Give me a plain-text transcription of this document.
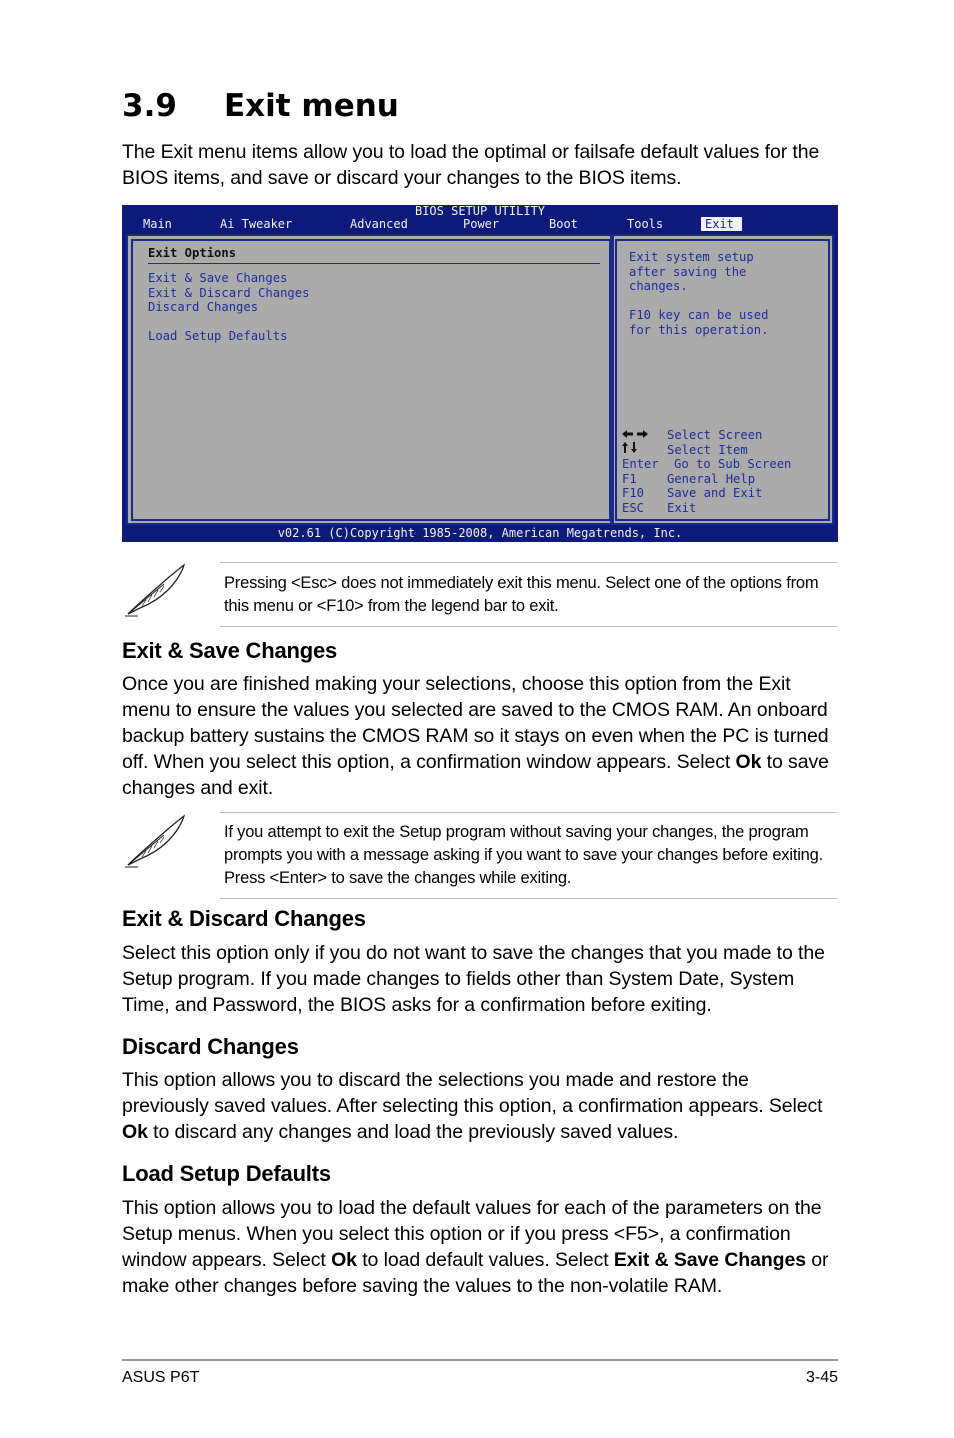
3.9 Exit menu

The Exit menu items allow you to load the optimal or failsafe default values for the BIOS items, and save or discard your changes to the BIOS items.

BIOS SETUP UTILITY
Main	Ai Tweaker	Advanced	Power	Boot	Tools	Exit
Exit Options
Exit & Save Changes
Exit & Discard Changes
Discard Changes
Load Setup Defaults
Exit system setup
after saving the
changes.
F10 key can be used
for this operation.
Select Screen
Select Item
Enter Go to Sub Screen
F1 General Help
F10 Save and Exit
ESC Exit
v02.61 (C)Copyright 1985-2008, American Megatrends, Inc.

Pressing <Esc> does not immediately exit this menu. Select one of the options from this menu or <F10> from the legend bar to exit.

Exit & Save Changes

Once you are finished making your selections, choose this option from the Exit menu to ensure the values you selected are saved to the CMOS RAM. An onboard backup battery sustains the CMOS RAM so it stays on even when the PC is turned off. When you select this option, a confirmation window appears. Select Ok to save changes and exit.

If you attempt to exit the Setup program without saving your changes, the program prompts you with a message asking if you want to save your changes before exiting. Press <Enter> to save the changes while exiting.

Exit & Discard Changes

Select this option only if you do not want to save the changes that you made to the Setup program. If you made changes to fields other than System Date, System Time, and Password, the BIOS asks for a confirmation before exiting.

Discard Changes

This option allows you to discard the selections you made and restore the previously saved values. After selecting this option, a confirmation appears. Select Ok to discard any changes and load the previously saved values.

Load Setup Defaults

This option allows you to load the default values for each of the parameters on the Setup menus. When you select this option or if you press <F5>, a confirmation window appears. Select Ok to load default values. Select Exit & Save Changes or make other changes before saving the values to the non-volatile RAM.

ASUS P6T	3-45
